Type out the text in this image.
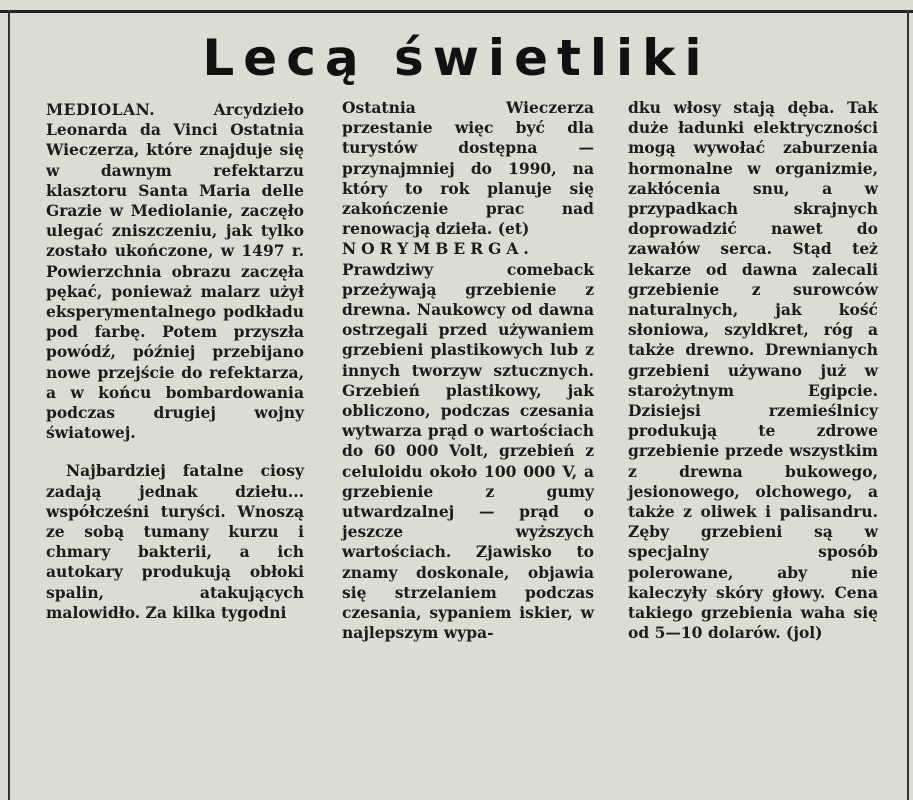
Lecą świetliki

MEDIOLAN. Arcydzieło Leonarda da Vinci Ostatnia Wieczerza, które znajduje się w dawnym refektarzu klasztoru Santa Maria delle Grazie w Mediolanie, zaczęło ulegać zniszczeniu, jak tylko zostało ukończone, w 1497 r. Powierzchnia obrazu zaczęła pękać, ponieważ malarz użył eksperymentalnego podkładu pod farbę. Potem przyszła powódź, później przebijano nowe przejście do refektarza, a w końcu bombardowania podczas drugiej wojny światowej.

Najbardziej fatalne ciosy zadają jednak dziełu... współcześni turyści. Wnoszą ze sobą tumany kurzu i chmary bakterii, a ich autokary produkują obłoki spalin, atakujących malowidło. Za kilka tygodni

Ostatnia Wieczerza przestanie więc być dla turystów dostępna — przynajmniej do 1990, na który to rok planuje się zakończenie prac nad renowacją dzieła. (et)

NORYMBERGA. Prawdziwy comeback przeżywają grzebienie z drewna. Naukowcy od dawna ostrzegali przed używaniem grzebieni plastikowych lub z innych tworzyw sztucznych. Grzebień plastikowy, jak obliczono, podczas czesania wytwarza prąd o wartościach do 60 000 Volt, grzebień z celuloidu około 100 000 V, a grzebienie z gumy utwardzalnej — prąd o jeszcze wyższych wartościach. Zjawisko to znamy doskonale, objawia się strzelaniem podczas czesania, sypaniem iskier, w najlepszym wypa-

dku włosy stają dęba. Tak duże ładunki elektryczności mogą wywołać zaburzenia hormonalne w organizmie, zakłócenia snu, a w przypadkach skrajnych doprowadzić nawet do zawałów serca. Stąd też lekarze od dawna zalecali grzebienie z surowców naturalnych, jak kość słoniowa, szyldkret, róg a także drewno. Drewnianych grzebieni używano już w starożytnym Egipcie. Dzisiejsi rzemieślnicy produkują te zdrowe grzebienie przede wszystkim z drewna bukowego, jesionowego, olchowego, a także z oliwek i palisandru. Zęby grzebieni są w specjalny sposób polerowane, aby nie kaleczyły skóry głowy. Cena takiego grzebienia waha się od 5—10 dolarów. (jol)
